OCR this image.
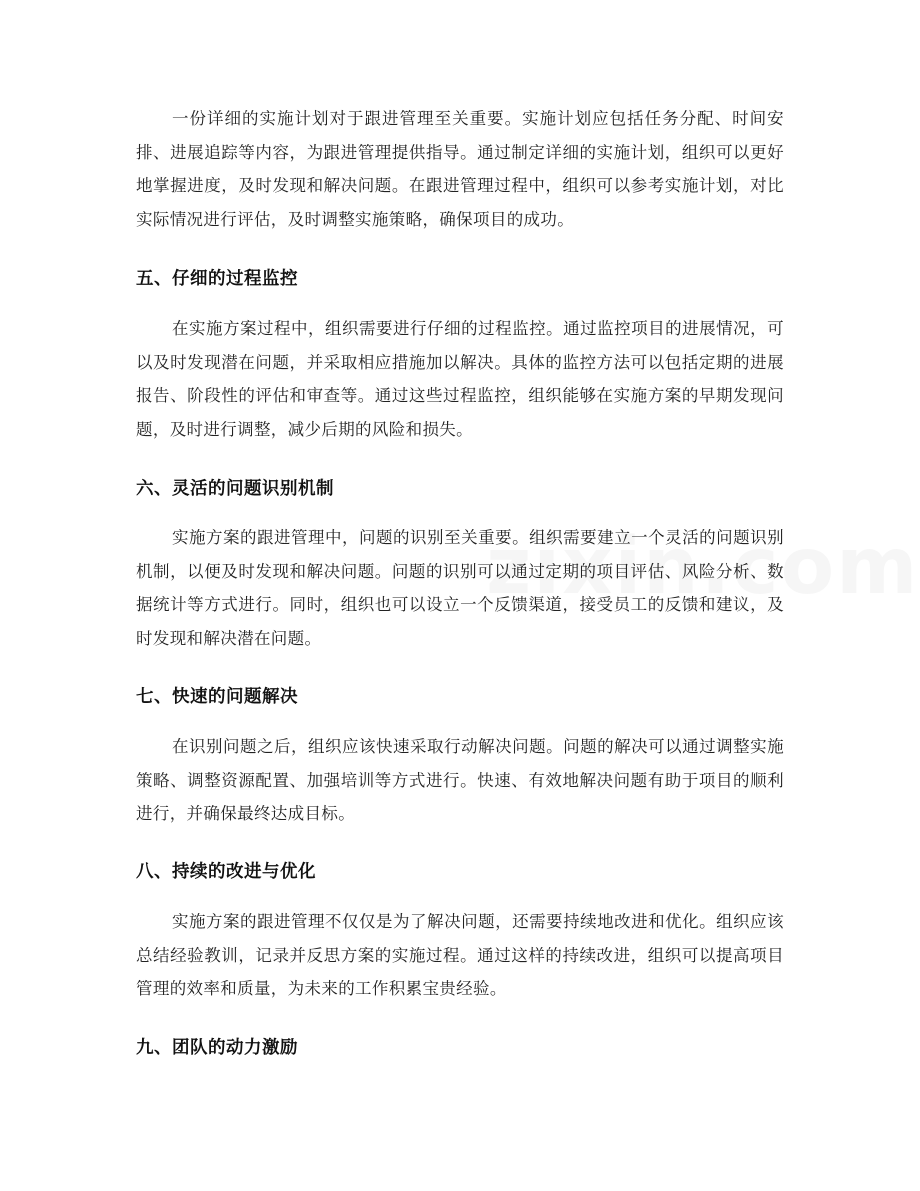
一份详细的实施计划对于跟进管理至关重要。实施计划应包括任务分配、时间安排、进展追踪等内容，为跟进管理提供指导。通过制定详细的实施计划，组织可以更好地掌握进度，及时发现和解决问题。在跟进管理过程中，组织可以参考实施计划，对比实际情况进行评估，及时调整实施策略，确保项目的成功。

五、仔细的过程监控

在实施方案过程中，组织需要进行仔细的过程监控。通过监控项目的进展情况，可以及时发现潜在问题，并采取相应措施加以解决。具体的监控方法可以包括定期的进展报告、阶段性的评估和审查等。通过这些过程监控，组织能够在实施方案的早期发现问题，及时进行调整，减少后期的风险和损失。

六、灵活的问题识别机制

实施方案的跟进管理中，问题的识别至关重要。组织需要建立一个灵活的问题识别机制，以便及时发现和解决问题。问题的识别可以通过定期的项目评估、风险分析、数据统计等方式进行。同时，组织也可以设立一个反馈渠道，接受员工的反馈和建议，及时发现和解决潜在问题。

七、快速的问题解决

在识别问题之后，组织应该快速采取行动解决问题。问题的解决可以通过调整实施策略、调整资源配置、加强培训等方式进行。快速、有效地解决问题有助于项目的顺利进行，并确保最终达成目标。

八、持续的改进与优化

实施方案的跟进管理不仅仅是为了解决问题，还需要持续地改进和优化。组织应该总结经验教训，记录并反思方案的实施过程。通过这样的持续改进，组织可以提高项目管理的效率和质量，为未来的工作积累宝贵经验。

九、团队的动力激励
